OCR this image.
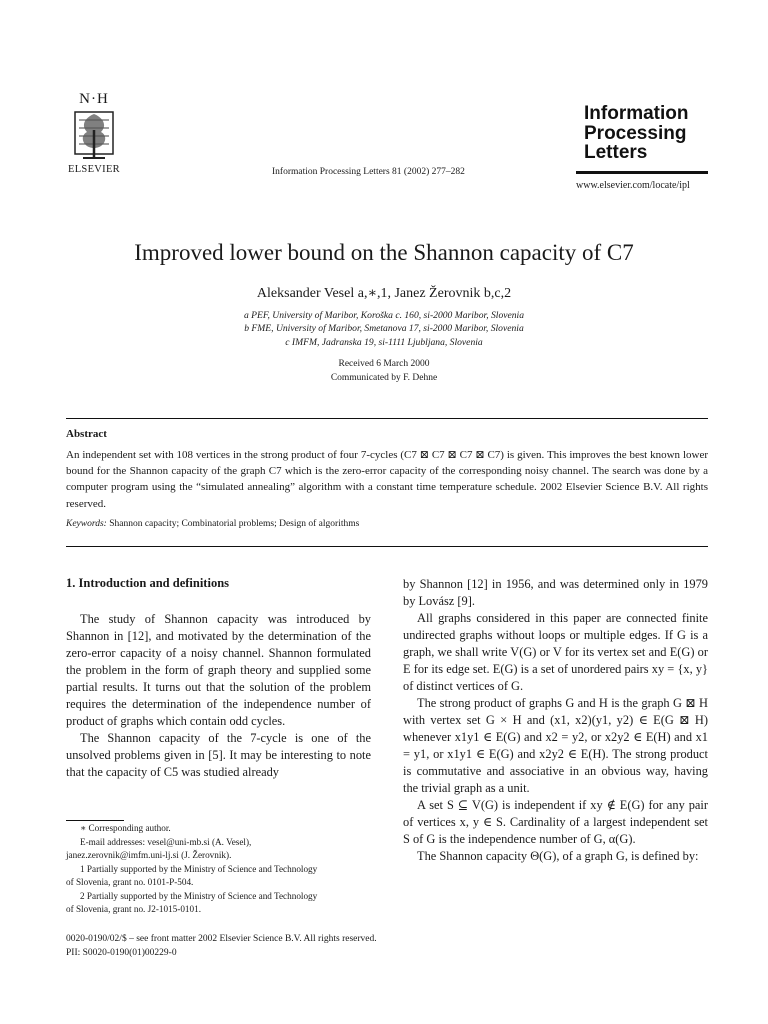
N·H
ELSEVIER	Information Processing Letters 81 (2002) 277–282
Information
Processing
Letters
www.elsevier.com/locate/ipl
Improved lower bound on the Shannon capacity of C7
Aleksander Vesel a,∗,1, Janez Žerovnik b,c,2
a PEF, University of Maribor, Koroška c. 160, si-2000 Maribor, Slovenia
b FME, University of Maribor, Smetanova 17, si-2000 Maribor, Slovenia
c IMFM, Jadranska 19, si-1111 Ljubljana, Slovenia
Received 6 March 2000
Communicated by F. Dehne
Abstract
An independent set with 108 vertices in the strong product of four 7-cycles (C7 ⊠ C7 ⊠ C7 ⊠ C7) is given. This improves the best known lower bound for the Shannon capacity of the graph C7 which is the zero-error capacity of the corresponding noisy channel. The search was done by a computer program using the “simulated annealing” algorithm with a constant time temperature schedule. 2002 Elsevier Science B.V. All rights reserved.
Keywords: Shannon capacity; Combinatorial problems; Design of algorithms
1. Introduction and definitions

The study of Shannon capacity was introduced by Shannon in [12], and motivated by the determination of the zero-error capacity of a noisy channel. Shannon formulated the problem in the form of graph theory and supplied some partial results. It turns out that the solution of the problem requires the determination of the independence number of product of graphs which contain odd cycles.

The Shannon capacity of the 7-cycle is one of the unsolved problems given in [5]. It may be interesting to note that the capacity of C5 was studied already

∗ Corresponding author.

E-mail addresses: vesel@uni-mb.si (A. Vesel),

janez.zerovnik@imfm.uni-lj.si (J. Žerovnik).

1 Partially supported by the Ministry of Science and Technology

of Slovenia, grant no. 0101-P-504.

2 Partially supported by the Ministry of Science and Technology

of Slovenia, grant no. J2-1015-0101.

by Shannon [12] in 1956, and was determined only in 1979 by Lovász [9].

All graphs considered in this paper are connected finite undirected graphs without loops or multiple edges. If G is a graph, we shall write V(G) or V for its vertex set and E(G) or E for its edge set. E(G) is a set of unordered pairs xy = {x, y} of distinct vertices of G.

The strong product of graphs G and H is the graph G ⊠ H with vertex set G × H and (x1, x2)(y1, y2) ∈ E(G ⊠ H) whenever x1y1 ∈ E(G) and x2 = y2, or x2y2 ∈ E(H) and x1 = y1, or x1y1 ∈ E(G) and x2y2 ∈ E(H). The strong product is commutative and associative in an obvious way, having the trivial graph as a unit.

A set S ⊆ V(G) is independent if xy ∉ E(G) for any pair of vertices x, y ∈ S. Cardinality of a largest independent set S of G is the independence number of G, α(G).

The Shannon capacity Θ(G), of a graph G, is defined by:

0020-0190/02/$ – see front matter 2002 Elsevier Science B.V. All rights reserved.
PII: S0020-0190(01)00229-0
